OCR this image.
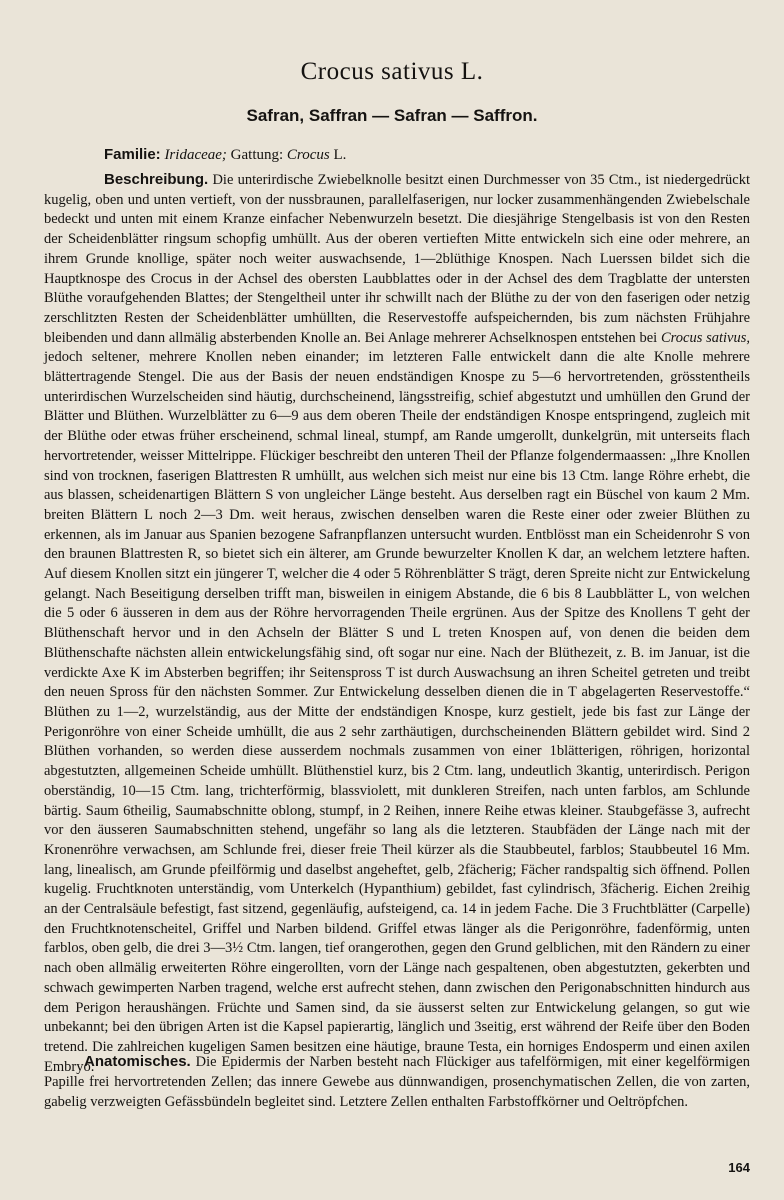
Crocus sativus L.
Safran, Saffran — Safran — Saffron.

Familie: Iridaceae; Gattung: Crocus L.

Beschreibung. Die unterirdische Zwiebelknolle besitzt einen Durchmesser von 35 Ctm., ist niedergedrückt kugelig, oben und unten vertieft, von der nussbraunen, parallelfaserigen, nur locker zusammenhängenden Zwiebelschale bedeckt und unten mit einem Kranze einfacher Nebenwurzeln besetzt. Die diesjährige Stengelbasis ist von den Resten der Scheidenblätter ringsum schopfig umhüllt. Aus der oberen vertieften Mitte entwickeln sich eine oder mehrere, an ihrem Grunde knollige, später noch weiter auswachsende, 1—2blüthige Knospen. Nach Luerssen bildet sich die Hauptknospe des Crocus in der Achsel des obersten Laubblattes oder in der Achsel des dem Tragblatte der untersten Blüthe voraufgehenden Blattes; der Stengeltheil unter ihr schwillt nach der Blüthe zu der von den faserigen oder netzig zerschlitzten Resten der Scheidenblätter umhüllten, die Reservestoffe aufspeichernden, bis zum nächsten Frühjahre bleibenden und dann allmälig absterbenden Knolle an. Bei Anlage mehrerer Achselknospen entstehen bei Crocus sativus, jedoch seltener, mehrere Knollen neben einander; im letzteren Falle entwickelt dann die alte Knolle mehrere blättertragende Stengel. Die aus der Basis der neuen endständigen Knospe zu 5—6 hervortretenden, grösstentheils unterirdischen Wurzelscheiden sind häutig, durchscheinend, längsstreifig, schief abgestutzt und umhüllen den Grund der Blätter und Blüthen. Wurzelblätter zu 6—9 aus dem oberen Theile der endständigen Knospe entspringend, zugleich mit der Blüthe oder etwas früher erscheinend, schmal lineal, stumpf, am Rande umgerollt, dunkelgrün, mit unterseits flach hervortretender, weisser Mittelrippe. Flückiger beschreibt den unteren Theil der Pflanze folgendermaassen: „Ihre Knollen sind von trocknen, faserigen Blattresten R umhüllt, aus welchen sich meist nur eine bis 13 Ctm. lange Röhre erhebt, die aus blassen, scheidenartigen Blättern S von ungleicher Länge besteht. Aus derselben ragt ein Büschel von kaum 2 Mm. breiten Blättern L noch 2—3 Dm. weit heraus, zwischen denselben waren die Reste einer oder zweier Blüthen zu erkennen, als im Januar aus Spanien bezogene Safranpflanzen untersucht wurden. Entblösst man ein Scheidenrohr S von den braunen Blattresten R, so bietet sich ein älterer, am Grunde bewurzelter Knollen K dar, an welchem letztere haften. Auf diesem Knollen sitzt ein jüngerer T, welcher die 4 oder 5 Röhrenblätter S trägt, deren Spreite nicht zur Entwickelung gelangt. Nach Beseitigung derselben trifft man, bisweilen in einigem Abstande, die 6 bis 8 Laubblätter L, von welchen die 5 oder 6 äusseren in dem aus der Röhre hervorragenden Theile ergrünen. Aus der Spitze des Knollens T geht der Blüthenschaft hervor und in den Achseln der Blätter S und L treten Knospen auf, von denen die beiden dem Blüthenschafte nächsten allein entwickelungsfähig sind, oft sogar nur eine. Nach der Blüthezeit, z. B. im Januar, ist die verdickte Axe K im Absterben begriffen; ihr Seitenspross T ist durch Auswachsung an ihren Scheitel getreten und treibt den neuen Spross für den nächsten Sommer. Zur Entwickelung desselben dienen die in T abgelagerten Reservestoffe.“ Blüthen zu 1—2, wurzelständig, aus der Mitte der endständigen Knospe, kurz gestielt, jede bis fast zur Länge der Perigonröhre von einer Scheide umhüllt, die aus 2 sehr zarthäutigen, durchscheinenden Blättern gebildet wird. Sind 2 Blüthen vorhanden, so werden diese ausserdem nochmals zusammen von einer 1blätterigen, röhrigen, horizontal abgestutzten, allgemeinen Scheide umhüllt. Blüthenstiel kurz, bis 2 Ctm. lang, undeutlich 3kantig, unterirdisch. Perigon oberständig, 10—15 Ctm. lang, trichterförmig, blassviolett, mit dunkleren Streifen, nach unten farblos, am Schlunde bärtig. Saum 6theilig, Saumabschnitte oblong, stumpf, in 2 Reihen, innere Reihe etwas kleiner. Staubgefässe 3, aufrecht vor den äusseren Saumabschnitten stehend, ungefähr so lang als die letzteren. Staubfäden der Länge nach mit der Kronenröhre verwachsen, am Schlunde frei, dieser freie Theil kürzer als die Staubbeutel, farblos; Staubbeutel 16 Mm. lang, linealisch, am Grunde pfeilförmig und daselbst angeheftet, gelb, 2fächerig; Fächer randspaltig sich öffnend. Pollen kugelig. Fruchtknoten unterständig, vom Unterkelch (Hypanthium) gebildet, fast cylindrisch, 3fächerig. Eichen 2reihig an der Centralsäule befestigt, fast sitzend, gegenläufig, aufsteigend, ca. 14 in jedem Fache. Die 3 Fruchtblätter (Carpelle) den Fruchtknotenscheitel, Griffel und Narben bildend. Griffel etwas länger als die Perigonröhre, fadenförmig, unten farblos, oben gelb, die drei 3—3½ Ctm. langen, tief orangerothen, gegen den Grund gelblichen, mit den Rändern zu einer nach oben allmälig erweiterten Röhre eingerollten, vorn der Länge nach gespaltenen, oben abgestutzten, gekerbten und schwach gewimperten Narben tragend, welche erst aufrecht stehen, dann zwischen den Perigonabschnitten hindurch aus dem Perigon heraushängen. Früchte und Samen sind, da sie äusserst selten zur Entwickelung gelangen, so gut wie unbekannt; bei den übrigen Arten ist die Kapsel papierartig, länglich und 3seitig, erst während der Reife über den Boden tretend. Die zahlreichen kugeligen Samen besitzen eine häutige, braune Testa, ein horniges Endosperm und einen axilen Embryo.

Anatomisches. Die Epidermis der Narben besteht nach Flückiger aus tafelförmigen, mit einer kegelförmigen Papille frei hervortretenden Zellen; das innere Gewebe aus dünnwandigen, prosenchymatischen Zellen, die von zarten, gabelig verzweigten Gefässbündeln begleitet sind. Letztere Zellen enthalten Farbstoffkörner und Oeltröpfchen.

164
